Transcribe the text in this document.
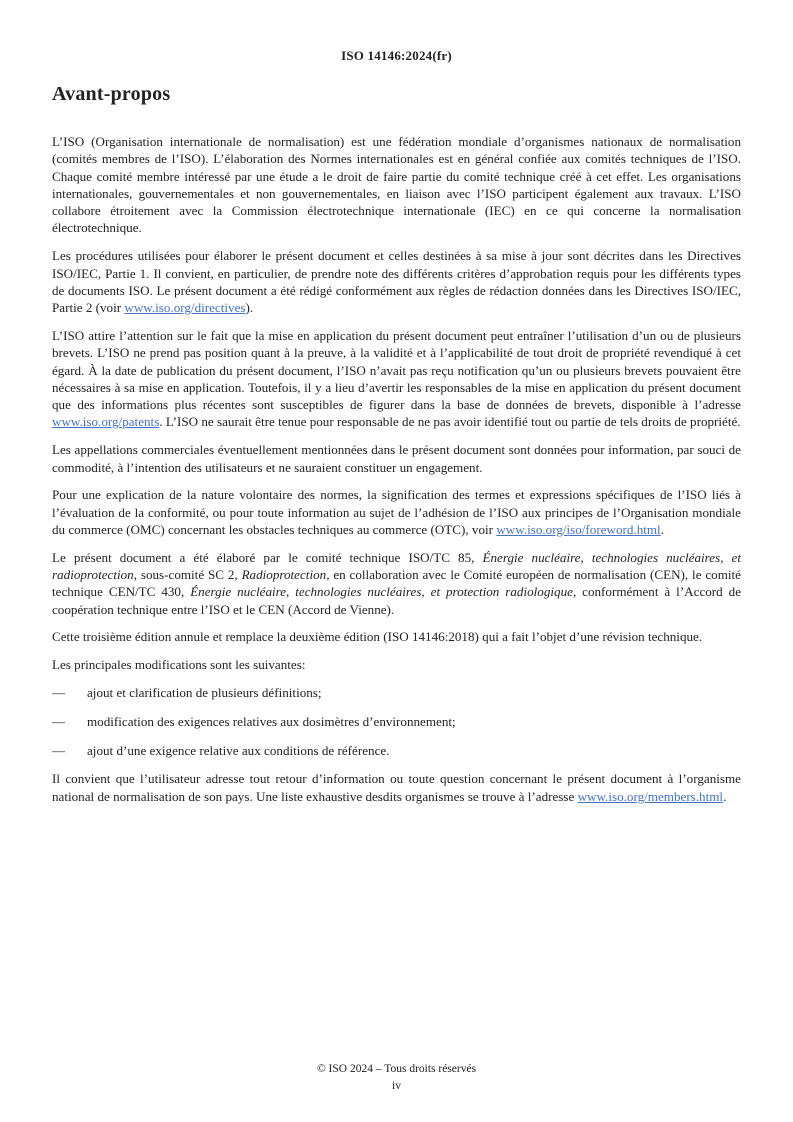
ISO 14146:2024(fr)
Avant-propos

L’ISO (Organisation internationale de normalisation) est une fédération mondiale d’organismes nationaux de normalisation (comités membres de l’ISO). L’élaboration des Normes internationales est en général confiée aux comités techniques de l’ISO. Chaque comité membre intéressé par une étude a le droit de faire partie du comité technique créé à cet effet. Les organisations internationales, gouvernementales et non gouvernementales, en liaison avec l’ISO participent également aux travaux. L’ISO collabore étroitement avec la Commission électrotechnique internationale (IEC) en ce qui concerne la normalisation électrotechnique.

Les procédures utilisées pour élaborer le présent document et celles destinées à sa mise à jour sont décrites dans les Directives ISO/IEC, Partie 1. Il convient, en particulier, de prendre note des différents critères d’approbation requis pour les différents types de documents ISO. Le présent document a été rédigé conformément aux règles de rédaction données dans les Directives ISO/IEC, Partie 2 (voir www.iso.org/directives).

L’ISO attire l’attention sur le fait que la mise en application du présent document peut entraîner l’utilisation d’un ou de plusieurs brevets. L’ISO ne prend pas position quant à la preuve, à la validité et à l’applicabilité de tout droit de propriété revendiqué à cet égard. À la date de publication du présent document, l’ISO n’avait pas reçu notification qu’un ou plusieurs brevets pouvaient être nécessaires à sa mise en application. Toutefois, il y a lieu d’avertir les responsables de la mise en application du présent document que des informations plus récentes sont susceptibles de figurer dans la base de données de brevets, disponible à l’adresse www.iso.org/patents. L’ISO ne saurait être tenue pour responsable de ne pas avoir identifié tout ou partie de tels droits de propriété.

Les appellations commerciales éventuellement mentionnées dans le présent document sont données pour information, par souci de commodité, à l’intention des utilisateurs et ne sauraient constituer un engagement.

Pour une explication de la nature volontaire des normes, la signification des termes et expressions spécifiques de l’ISO liés à l’évaluation de la conformité, ou pour toute information au sujet de l’adhésion de l’ISO aux principes de l’Organisation mondiale du commerce (OMC) concernant les obstacles techniques au commerce (OTC), voir www.iso.org/iso/foreword.html.

Le présent document a été élaboré par le comité technique ISO/TC 85, Énergie nucléaire, technologies nucléaires, et radioprotection, sous-comité SC 2, Radioprotection, en collaboration avec le Comité européen de normalisation (CEN), le comité technique CEN/TC 430, Énergie nucléaire, technologies nucléaires, et protection radiologique, conformément à l’Accord de coopération technique entre l’ISO et le CEN (Accord de Vienne).

Cette troisième édition annule et remplace la deuxième édition (ISO 14146:2018) qui a fait l’objet d’une révision technique.

Les principales modifications sont les suivantes:

—	ajout et clarification de plusieurs définitions;
—	modification des exigences relatives aux dosimètres d’environnement;
—	ajout d’une exigence relative aux conditions de référence.

Il convient que l’utilisateur adresse tout retour d’information ou toute question concernant le présent document à l’organisme national de normalisation de son pays. Une liste exhaustive desdits organismes se trouve à l’adresse www.iso.org/members.html.

© ISO 2024 – Tous droits réservés
iv
